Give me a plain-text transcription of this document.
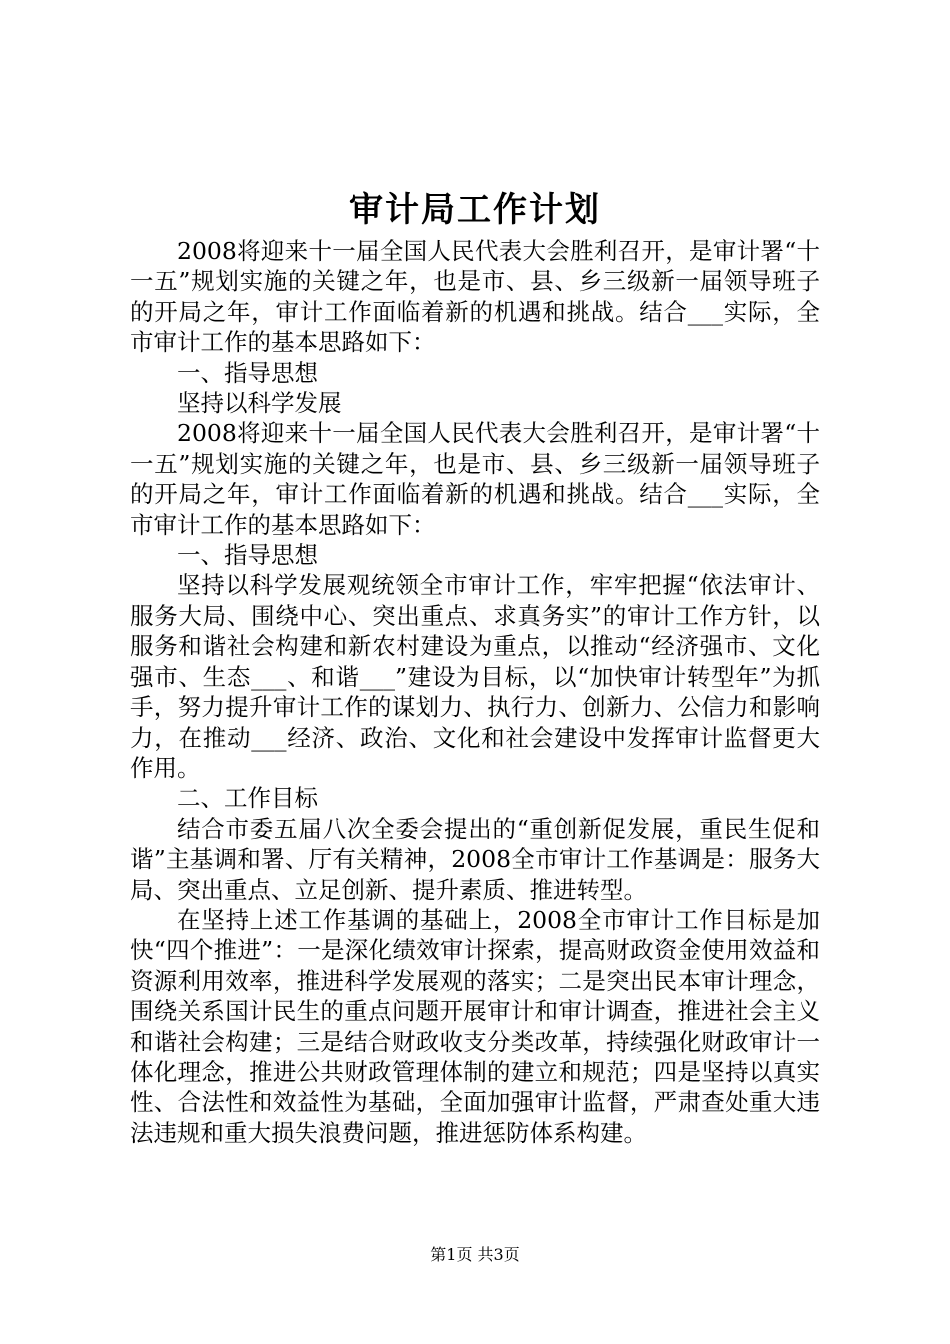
审计局工作计划

2008将迎来十一届全国人民代表大会胜利召开，是审计署“十一五”规划实施的关键之年，也是市、县、乡三级新一届领导班子的开局之年，审计工作面临着新的机遇和挑战。结合___实际，全市审计工作的基本思路如下：

一、指导思想

坚持以科学发展

2008将迎来十一届全国人民代表大会胜利召开，是审计署“十一五”规划实施的关键之年，也是市、县、乡三级新一届领导班子的开局之年，审计工作面临着新的机遇和挑战。结合___实际，全市审计工作的基本思路如下：

一、指导思想

坚持以科学发展观统领全市审计工作，牢牢把握“依法审计、服务大局、围绕中心、突出重点、求真务实”的审计工作方针，以服务和谐社会构建和新农村建设为重点，以推动“经济强市、文化强市、生态___、和谐___”建设为目标，以“加快审计转型年”为抓手，努力提升审计工作的谋划力、执行力、创新力、公信力和影响力，在推动___经济、政治、文化和社会建设中发挥审计监督更大作用。

二、工作目标

结合市委五届八次全委会提出的“重创新促发展，重民生促和谐”主基调和署、厅有关精神，2008全市审计工作基调是：服务大局、突出重点、立足创新、提升素质、推进转型。

在坚持上述工作基调的基础上，2008全市审计工作目标是加快“四个推进”：一是深化绩效审计探索，提高财政资金使用效益和资源利用效率，推进科学发展观的落实；二是突出民本审计理念，围绕关系国计民生的重点问题开展审计和审计调查，推进社会主义和谐社会构建；三是结合财政收支分类改革，持续强化财政审计一体化理念，推进公共财政管理体制的建立和规范；四是坚持以真实性、合法性和效益性为基础，全面加强审计监督，严肃查处重大违法违规和重大损失浪费问题，推进惩防体系构建。

第1页 共3页
